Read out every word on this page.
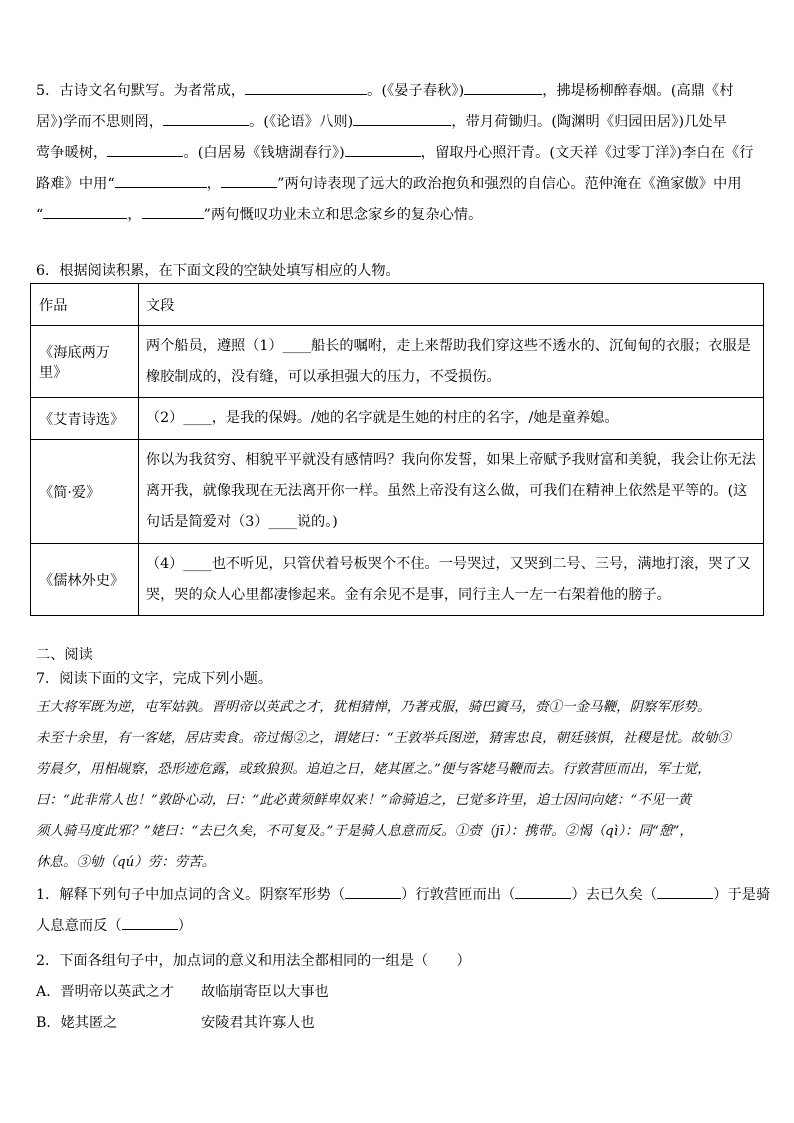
5．古诗文名句默写。为者常成，	。(《晏子春秋》)	，拂堤杨柳醉春烟。(高鼎《村
居》)学而不思则罔，	。(《论语》八则)	，带月荷锄归。(陶渊明《归园田居》)几处早
莺争暖树，	。(白居易《钱塘湖春行》)	，留取丹心照汗青。(文天祥《过零丁洋》)李白在《行
路难》中用“	，	”两句诗表现了远大的政治抱负和强烈的自信心。范仲淹在《渔家傲》中用
“	，	”两句慨叹功业未立和思念家乡的复杂心情。
6．根据阅读积累，在下面文段的空缺处填写相应的人物。
作品	文段
《海底两万里》	两个船员，遵照（1）____船长的嘱咐，走上来帮助我们穿这些不透水的、沉甸甸的衣服；衣服是
橡胶制成的，没有缝，可以承担强大的压力，不受损伤。

《艾青诗选》	（2）____，是我的保姆。/她的名字就是生她的村庄的名字，/她是童养媳。

《简·爱》	你以为我贫穷、相貌平平就没有感情吗？我向你发誓，如果上帝赋予我财富和美貌，我会让你无法
离开我，就像我现在无法离开你一样。虽然上帝没有这么做，可我们在精神上依然是平等的。(这
句话是简爱对（3）____说的。)

《儒林外史》	（4）____也不听见，只管伏着号板哭个不住。一号哭过，又哭到二号、三号，满地打滚，哭了又
哭，哭的众人心里都凄惨起来。金有余见不是事，同行主人一左一右架着他的膀子。
二、阅读
7．阅读下面的文字，完成下列小题。
王大将军既为逆，屯军姑孰。晋明帝以英武之才，犹相猜惮，乃著戎服，骑巴賨马，赍①一金马鞭，阴察军形势。
未至十余里，有一客姥，居店卖食。帝过愒②之，谓姥曰：“王敦举兵图逆，猜害忠良，朝廷骇惧，社稷是忧。故劬③
劳晨夕，用相觇察，恐形迹危露，或致狼狈。追迫之日，姥其匿之。”便与客姥马鞭而去。行敦营匝而出，军士觉，
曰：“此非常人也！”敦卧心动，曰：“此必黄须鲜卑奴来！”命骑追之，已觉多许里，追士因问向姥：“不见一黄
须人骑马度此邪？”姥曰：“去已久矣，不可复及。”于是骑人息意而反。①赍（jī）：携带。②愒（qì）：同“憩”，
休息。③劬（qú）劳：劳苦。
1．解释下列句子中加点词的含义。阴察军形势（	）行敦营匝而出（	）去已久矣（	）于是骑
人息意而反（	）
2．下面各组句子中，加点词的意义和用法全都相同的一组是（　　）
A．晋明帝以英武之才 故临崩寄臣以大事也
B．姥其匿之	安陵君其许寡人也
